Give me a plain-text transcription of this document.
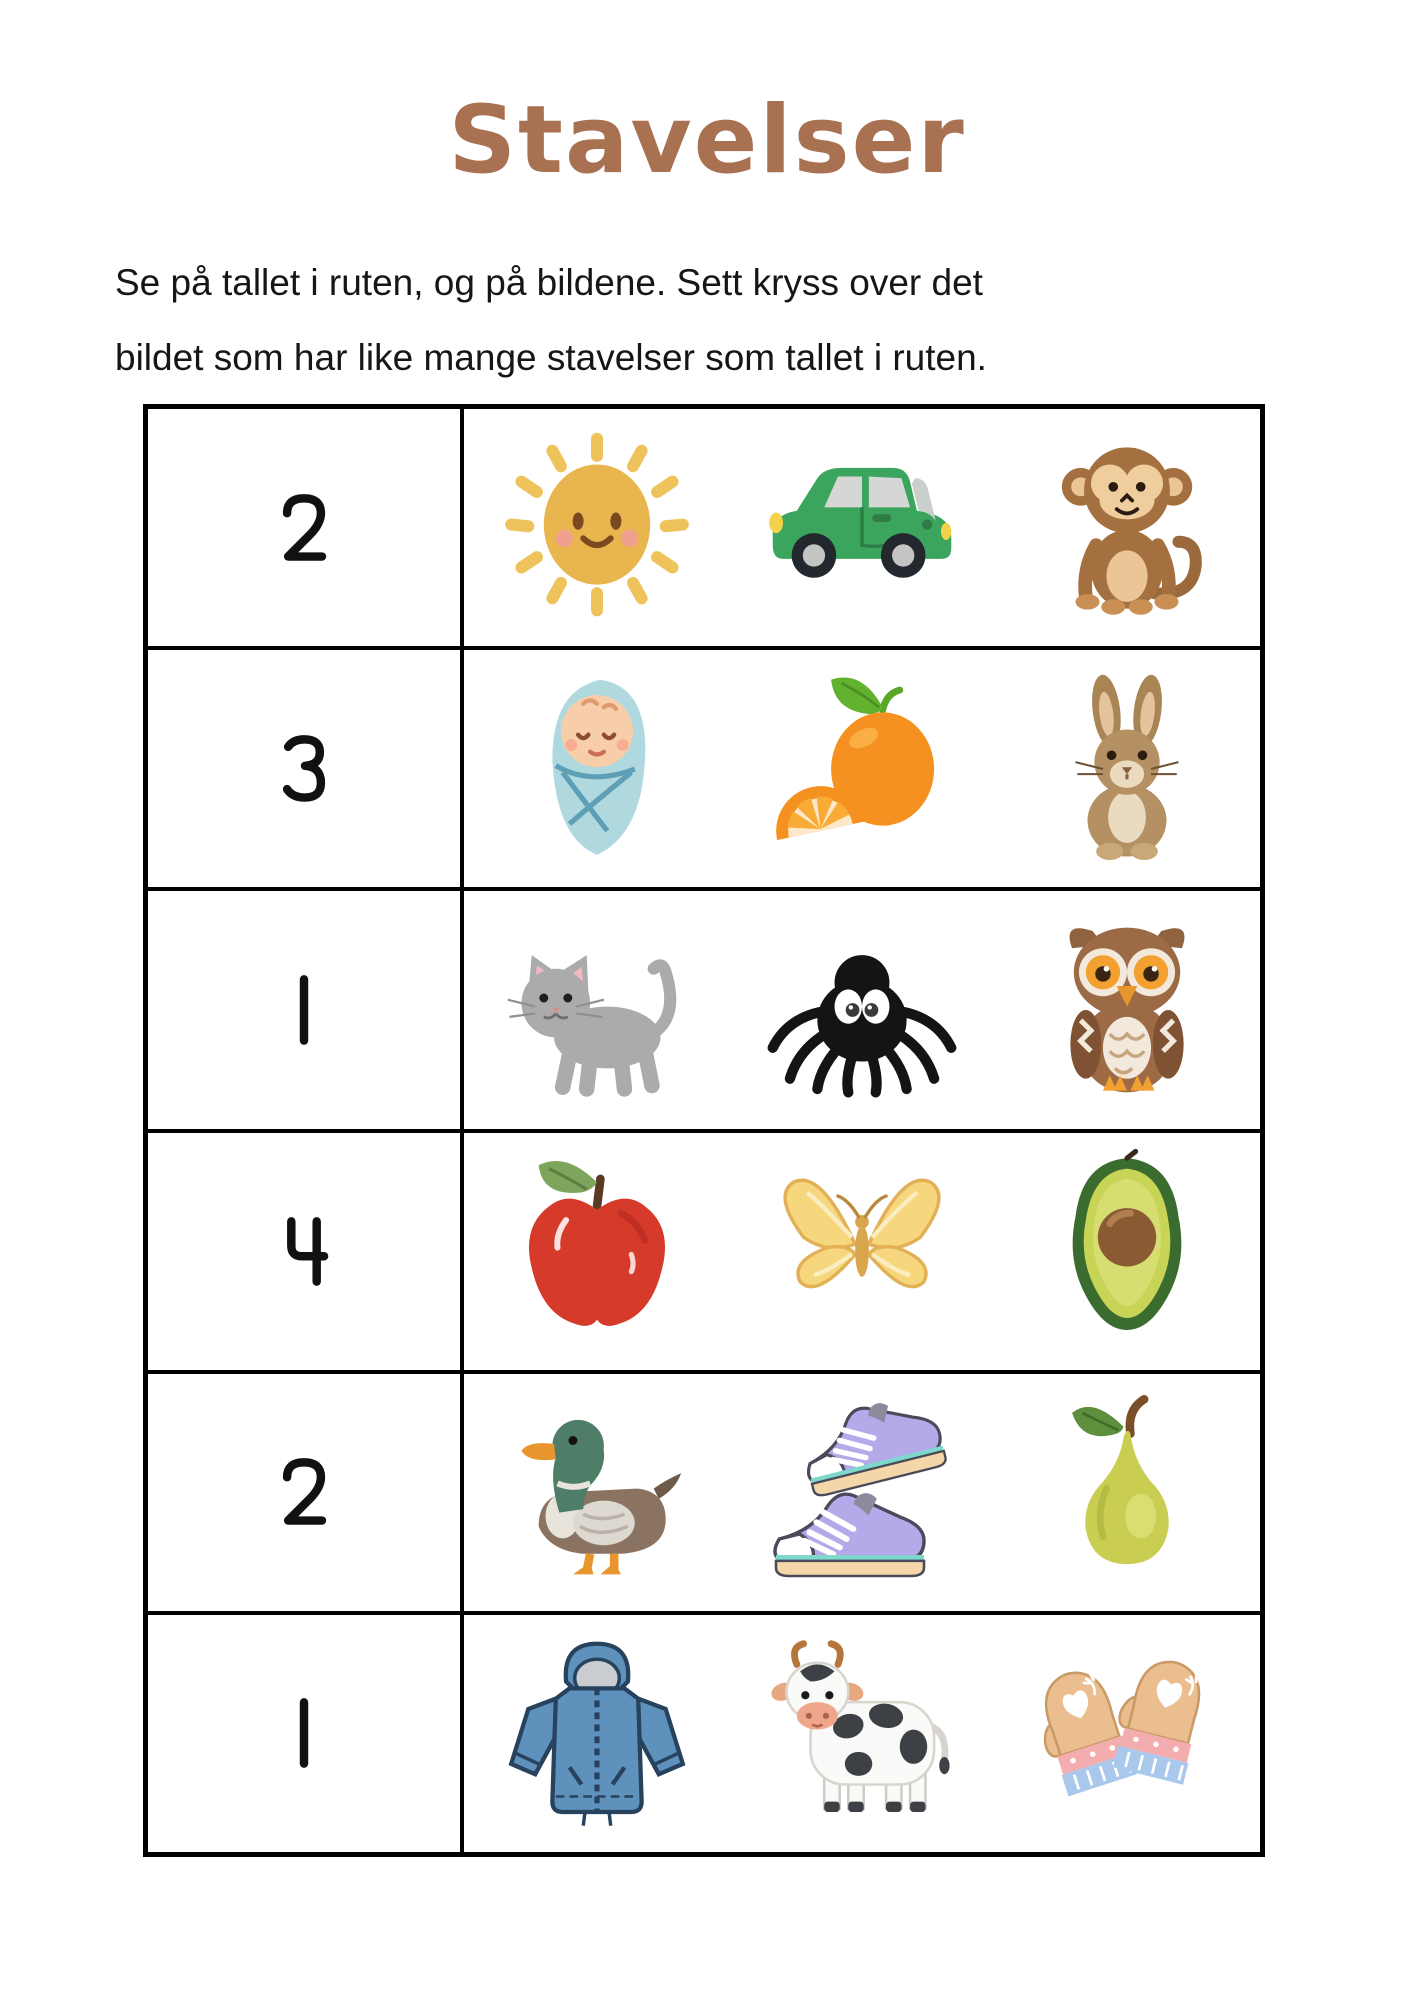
Stavelser

Se på tallet i ruten, og på bildene. Sett kryss over det

bildet som har like mange stavelser som tallet i ruten.
